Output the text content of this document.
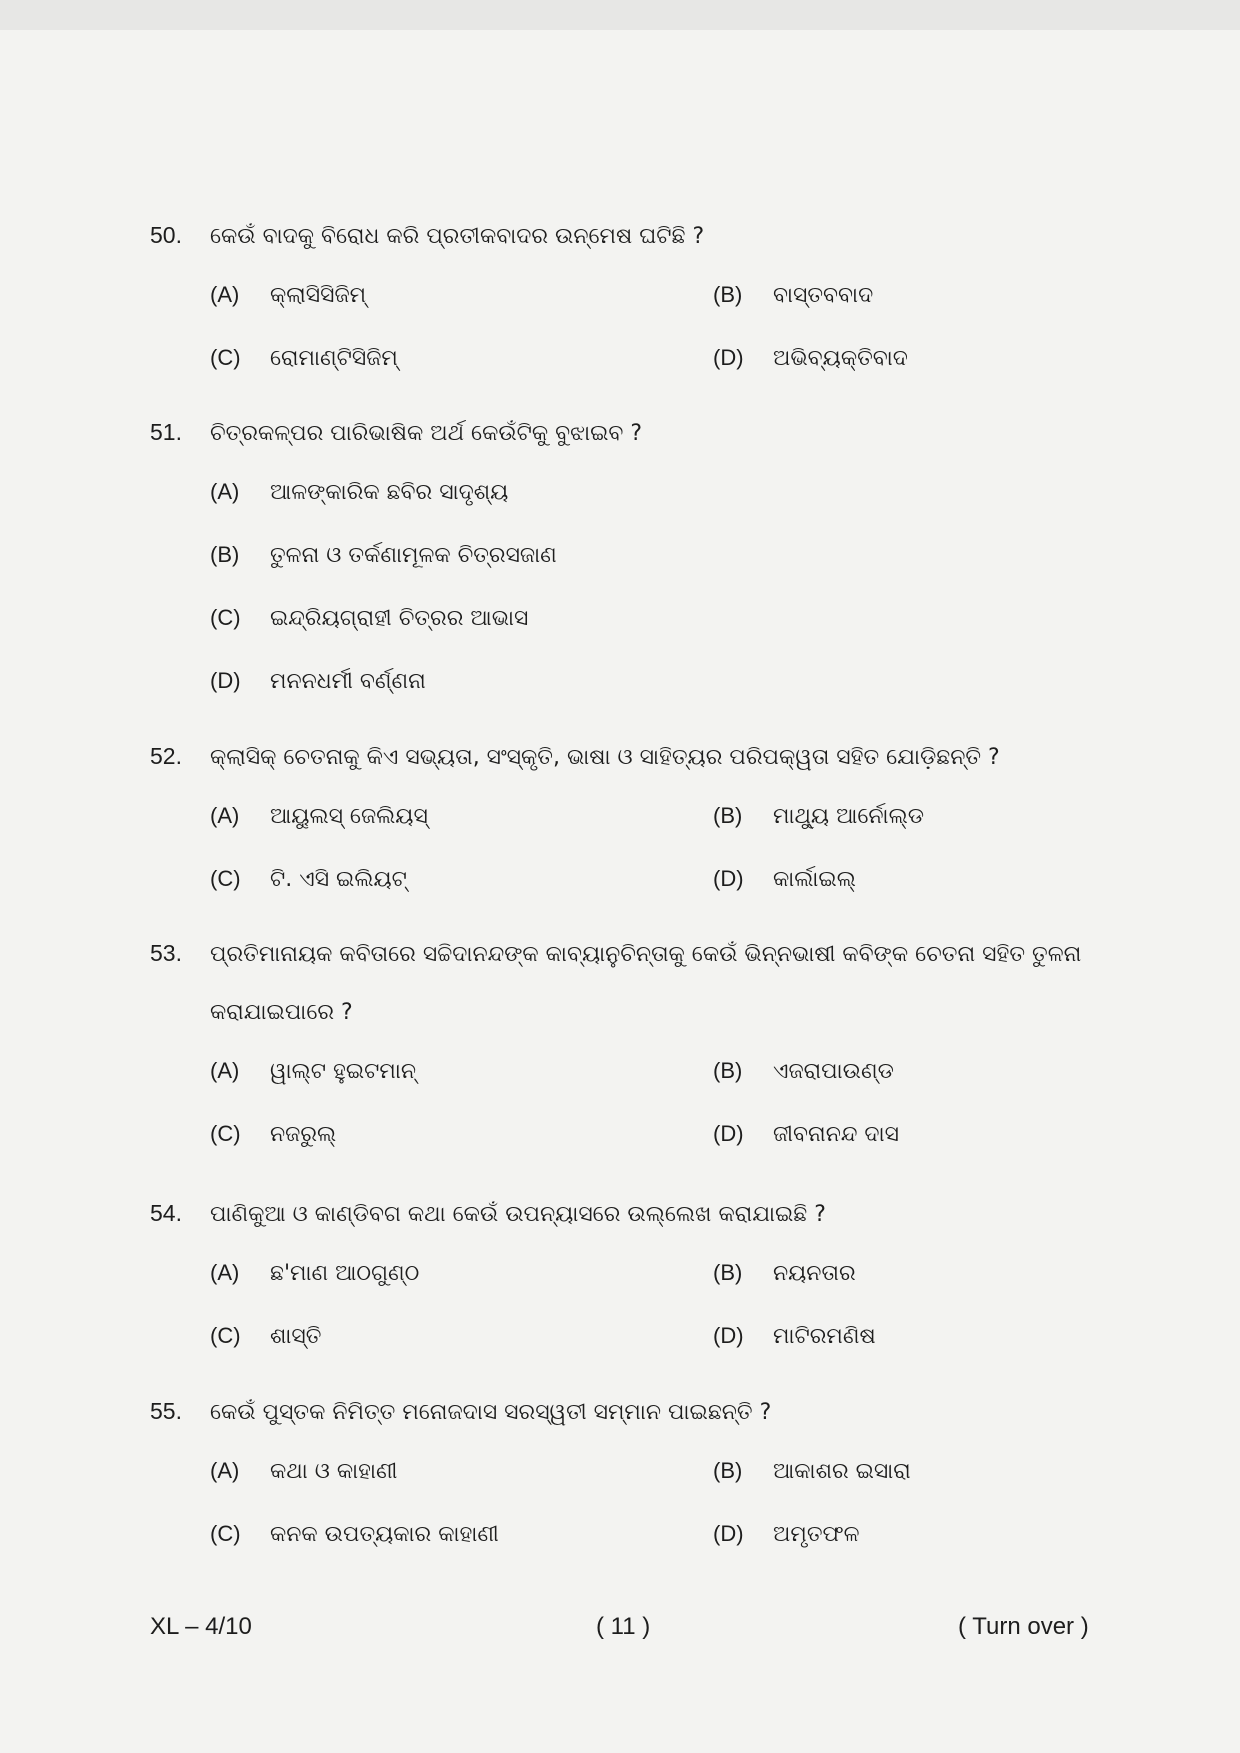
50.	କେଉଁ ବାଦକୁ ବିରୋଧ କରି ପ୍ରତୀକବାଦର ଉନ୍ମେଷ ଘଟିଛି ?
(A)	କ୍ଲାସିସିଜିମ୍	(B)	ବାସ୍ତବବାଦ
(C)	ରୋମାଣ୍ଟିସିଜିମ୍	(D)	ଅଭିବ୍ୟକ୍ତିବାଦ
51.	ଚିତ୍ରକଳ୍ପର ପାରିଭାଷିକ ଅର୍ଥ କେଉଁଟିକୁ ବୁଝାଇବ ?
(A)	ଆଳଙ୍କାରିକ ଛବିର ସାଦୃଶ୍ୟ
(B)	ତୁଳନା ଓ ତର୍କଣାମୂଳକ ଚିତ୍ରସଜାଣ
(C)	ଇନ୍ଦ୍ରିୟଗ୍ରାହୀ ଚିତ୍ରର ଆଭାସ
(D)	ମନନଧର୍ମୀ ବର୍ଣ୍ଣନା
52.	କ୍ଲାସିକ୍ ଚେତନାକୁ କିଏ ସଭ୍ୟତା, ସଂସ୍କୃତି, ଭାଷା ଓ ସାହିତ୍ୟର ପରିପକ୍ୱତା ସହିତ ଯୋଡ଼ିଛନ୍ତି ?
(A)	ଆୟୁଲସ୍ ଜେଲିୟସ୍	(B)	ମାଥ୍ୟୁ ଆର୍ନୋଲ୍ଡ
(C)	ଟି. ଏସି ଇଲିୟଟ୍	(D)	କାର୍ଲାଇଲ୍
53.	ପ୍ରତିମାନାୟକ କବିତାରେ ସଚ୍ଚିଦାନନ୍ଦଙ୍କ କାବ୍ୟାନୁଚିନ୍ତାକୁ କେଉଁ ଭିନ୍ନଭାଷୀ କବିଙ୍କ ଚେତନା ସହିତ ତୁଳନା
କରାଯାଇପାରେ ?
(A)	ୱାଲ୍ଟ ହୁଇଟମାନ୍	(B)	ଏଜରାପାଉଣ୍ଡ
(C)	ନଜରୁଲ୍	(D)	ଜୀବନାନନ୍ଦ ଦାସ
54.	ପାଣିକୁଆ ଓ କାଣ୍ଡିବଗ କଥା କେଉଁ ଉପନ୍ୟାସରେ ଉଲ୍ଲେଖ କରାଯାଇଛି ?
(A)	ଛ'ମାଣ ଆଠଗୁଣ୍ଠ	(B)	ନୟନତାର
(C)	ଶାସ୍ତି	(D)	ମାଟିରମଣିଷ
55.	କେଉଁ ପୁସ୍ତକ ନିମିତ୍ତ ମନୋଜଦାସ ସରସ୍ୱତୀ ସମ୍ମାନ ପାଇଛନ୍ତି ?
(A)	କଥା ଓ କାହାଣୀ	(B)	ଆକାଶର ଇସାରା
(C)	କନକ ଉପତ୍ୟକାର କାହାଣୀ	(D)	ଅମୃତଫଳ
XL – 4/10	( 11 )	( Turn over )
